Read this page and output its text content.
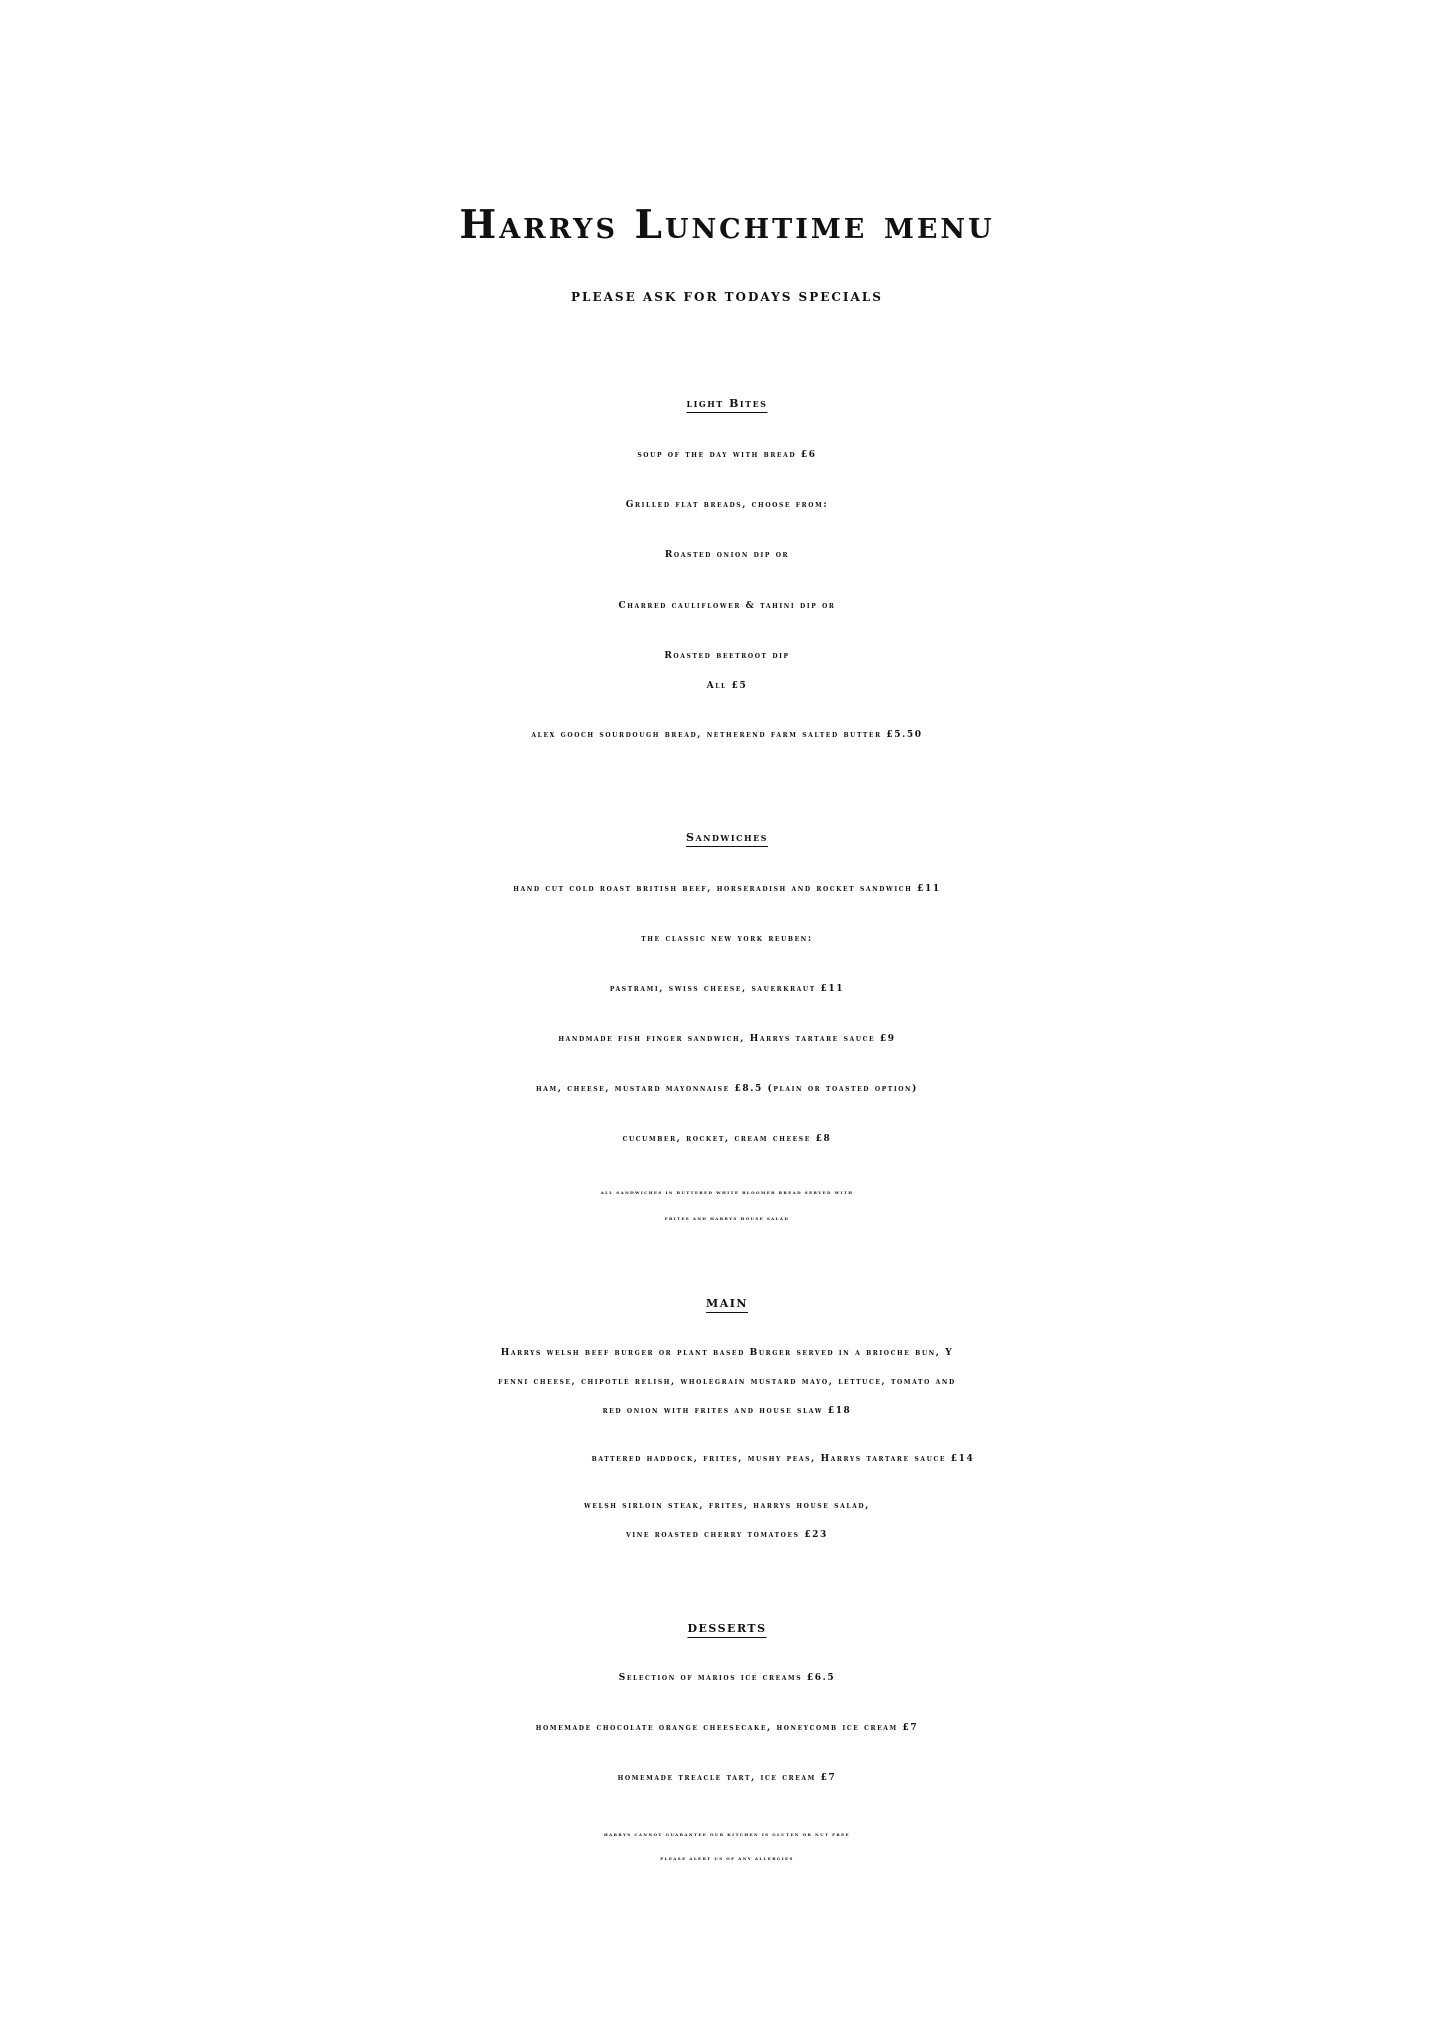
Harrys Lunchtime menu
PLEASE ASK FOR TODAYS SPECIALS
light Bites
soup of the day with bread £6
Grilled flat breads, choose from:
Roasted onion dip or
Charred cauliflower & tahini dip or
Roasted beetroot dip
All £5
alex gooch sourdough bread, netherend farm salted butter £5.50
Sandwiches
hand cut cold roast british beef, horseradish and rocket sandwich £11
the classic new york reuben:
pastrami, swiss cheese, sauerkraut £11
handmade fish finger sandwich, Harrys tartare sauce £9
ham, cheese, mustard mayonnaise £8.5 (plain or toasted option)
cucumber, rocket, cream cheese £8
ALL SANDWICHES IN BUTTERED WHITE BLOOMER BREAD SERVED WITH
FRITES AND HARRYS HOUSE SALAD
MAIN
Harrys welsh beef burger or plant based Burger served in a brioche bun, Y
fenni cheese, chipotle relish, wholegrain mustard mayo, lettuce, tomato and
red onion with frites and house slaw £18
battered haddock, frites, mushy peas, Harrys tartare sauce £14
welsh sirloin steak, frites, harrys house salad,
vine roasted cherry tomatoes £23
DESSERTS
Selection of marios ice creams £6.5
homemade chocolate orange cheesecake, honeycomb ice cream £7
homemade treacle tart, ice cream £7
HARRYS CANNOT GUARANTEE OUR KITCHEN IS GLUTEN OR NUT FREE
PLEASE ALERT US OF ANY ALLERGIES
